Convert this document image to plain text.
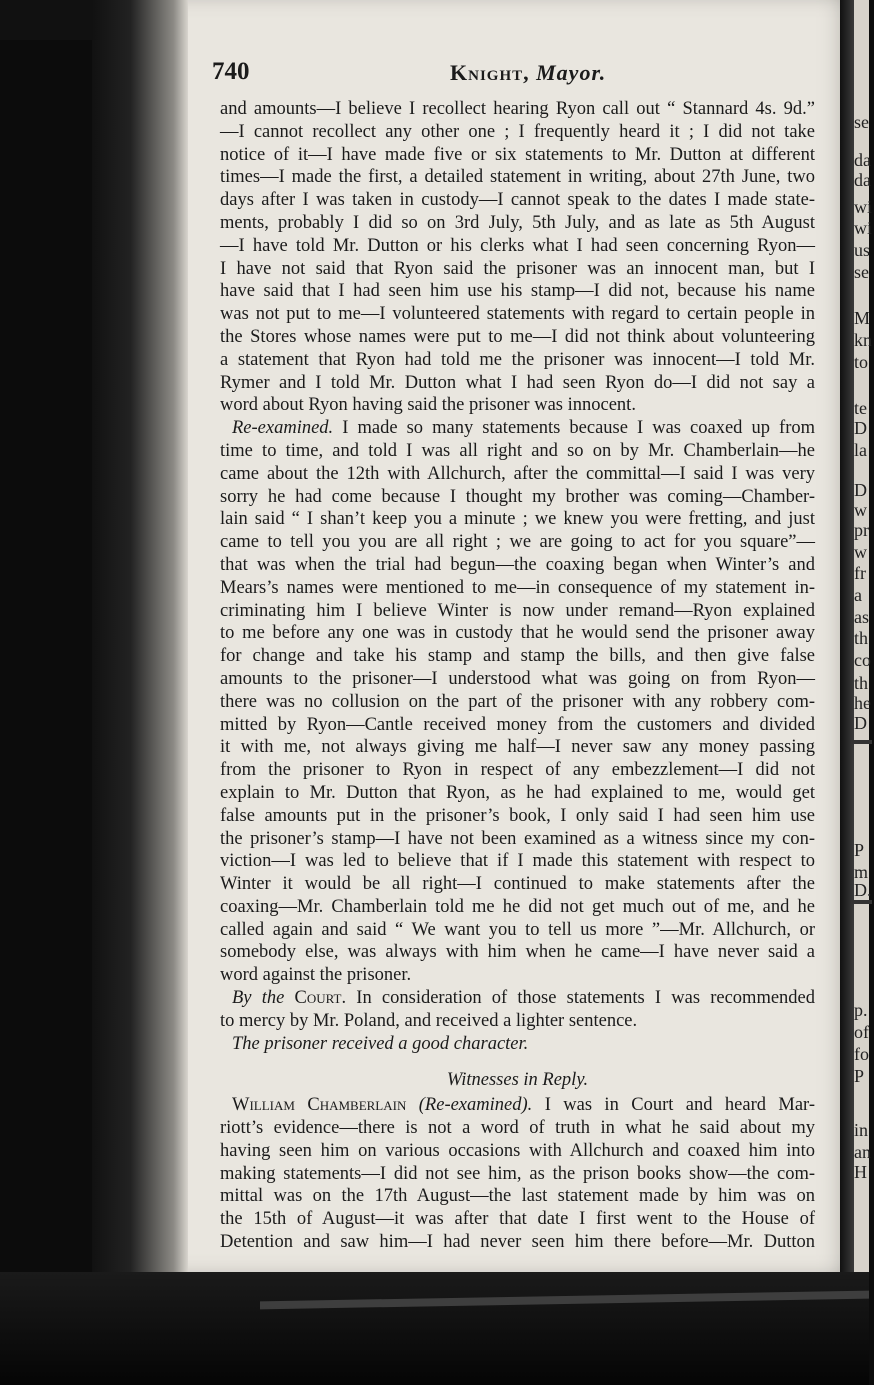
se
da
da
wi
wi
us
se
M
kn
to
te
D
la
D
w
pr
w
fr
a
as
th
co
th
he
D
P
m
D.
p.
of
fo
P
in
an
H
740	Knight, Mayor.
and amounts—I believe I recollect hearing Ryon call out “ Stannard 4s. 9d.”
—I cannot recollect any other one ; I frequently heard it ; I did not take
notice of it—I have made five or six statements to Mr. Dutton at different
times—I made the first, a detailed statement in writing, about 27th June, two
days after I was taken in custody—I cannot speak to the dates I made state-
ments, probably I did so on 3rd July, 5th July, and as late as 5th August
—I have told Mr. Dutton or his clerks what I had seen concerning Ryon—
I have not said that Ryon said the prisoner was an innocent man, but I
have said that I had seen him use his stamp—I did not, because his name
was not put to me—I volunteered statements with regard to certain people in
the Stores whose names were put to me—I did not think about volunteering
a statement that Ryon had told me the prisoner was innocent—I told Mr.
Rymer and I told Mr. Dutton what I had seen Ryon do—I did not say a
word about Ryon having said the prisoner was innocent.
Re-examined. I made so many statements because I was coaxed up from
time to time, and told I was all right and so on by Mr. Chamberlain—he
came about the 12th with Allchurch, after the committal—I said I was very
sorry he had come because I thought my brother was coming—Chamber-
lain said “ I shan’t keep you a minute ; we knew you were fretting, and just
came to tell you you are all right ; we are going to act for you square”—
that was when the trial had begun—the coaxing began when Winter’s and
Mears’s names were mentioned to me—in consequence of my statement in-
criminating him I believe Winter is now under remand—Ryon explained
to me before any one was in custody that he would send the prisoner away
for change and take his stamp and stamp the bills, and then give false
amounts to the prisoner—I understood what was going on from Ryon—
there was no collusion on the part of the prisoner with any robbery com-
mitted by Ryon—Cantle received money from the customers and divided
it with me, not always giving me half—I never saw any money passing
from the prisoner to Ryon in respect of any embezzlement—I did not
explain to Mr. Dutton that Ryon, as he had explained to me, would get
false amounts put in the prisoner’s book, I only said I had seen him use
the prisoner’s stamp—I have not been examined as a witness since my con-
viction—I was led to believe that if I made this statement with respect to
Winter it would be all right—I continued to make statements after the
coaxing—Mr. Chamberlain told me he did not get much out of me, and he
called again and said “ We want you to tell us more ”—Mr. Allchurch, or
somebody else, was always with him when he came—I have never said a
word against the prisoner.
By the Court. In consideration of those statements I was recommended
to mercy by Mr. Poland, and received a lighter sentence.
The prisoner received a good character.
Witnesses in Reply.
William Chamberlain (Re-examined). I was in Court and heard Mar-
riott’s evidence—there is not a word of truth in what he said about my
having seen him on various occasions with Allchurch and coaxed him into
making statements—I did not see him, as the prison books show—the com-
mittal was on the 17th August—the last statement made by him was on
the 15th of August—it was after that date I first went to the House of
Detention and saw him—I had never seen him there before—Mr. Dutton
